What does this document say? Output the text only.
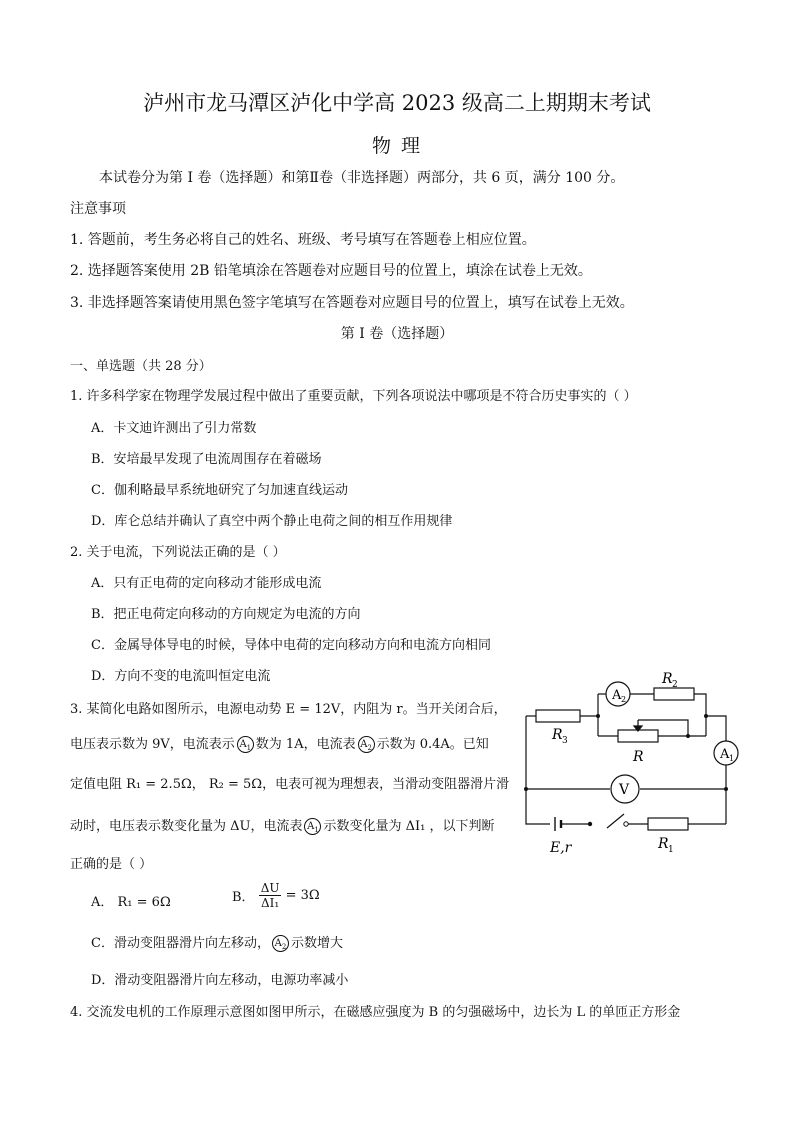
泸州市龙马潭区泸化中学高 2023 级高二上期期末考试
物 理
本试卷分为第 I 卷（选择题）和第Ⅱ卷（非选择题）两部分，共 6 页，满分 100 分。
注意事项
1. 答题前，考生务必将自己的姓名、班级、考号填写在答题卷上相应位置。
2. 选择题答案使用 2B 铅笔填涂在答题卷对应题目号的位置上，填涂在试卷上无效。
3. 非选择题答案请使用黑色签字笔填写在答题卷对应题目号的位置上，填写在试卷上无效。
第 I 卷（选择题）
一、单选题（共 28 分）
1. 许多科学家在物理学发展过程中做出了重要贡献，下列各项说法中哪项是不符合历史事实的（ ）
A．卡文迪许测出了引力常数
B．安培最早发现了电流周围存在着磁场
C．伽利略最早系统地研究了匀加速直线运动
D．库仑总结并确认了真空中两个静止电荷之间的相互作用规律
2. 关于电流，下列说法正确的是（ ）
A．只有正电荷的定向移动才能形成电流
B．把正电荷定向移动的方向规定为电流的方向
C．金属导体导电的时候，导体中电荷的定向移动方向和电流方向相同
D．方向不变的电流叫恒定电流
3. 某简化电路如图所示，电源电动势 E = 12V，内阻为 r。当开关闭合后，
电压表示数为 9V，电流表示 $A_1$ 数为 1A，电流表 $A_2$ 示数为 0.4A。已知
定值电阻 R₁ = 2.5Ω， R₂ = 5Ω，电表可视为理想表，当滑动变阻器滑片滑
动时，电压表示数变化量为 ΔU，电流表 $A_1$ 示数变化量为 ΔI₁ ，以下判断
正确的是（ ）
A． R₁ = 6Ω	B． $\frac{\Delta U}{\text{ΔI₁}} = 3\Omega$
C．滑动变阻器滑片向左移动， $A_2$ 示数增大
D．滑动变阻器滑片向左移动，电源功率减小
4. 交流发电机的工作原理示意图如图甲所示，在磁感应强度为 B 的匀强磁场中，边长为 L 的单匝正方形金
A 2
A 1
V
R 2
R 3
R
R 1
E,r
